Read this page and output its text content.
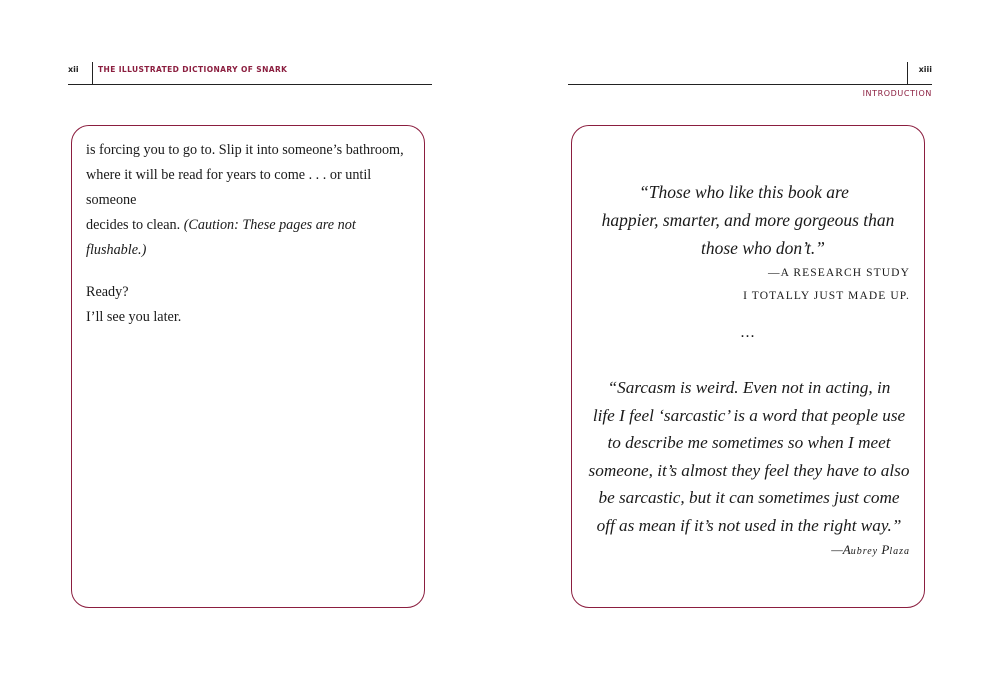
xii	THE ILLUSTRATED DICTIONARY OF SNARK	xiii
INTRODUCTION

is forcing you to go to. Slip it into someone’s bathroom,

where it will be read for years to come . . . or until someone

decides to clean. (Caution: These pages are not flushable.)

Ready?

I’ll see you later.

“Those who like this book are
happier, smarter, and more gorgeous than
those who don’t.”

—A RESEARCH STUDY
I TOTALLY JUST MADE UP.
...

“Sarcasm is weird. Even not in acting, in
life I feel ‘sarcastic’ is a word that people use
to describe me sometimes so when I meet
someone, it’s almost they feel they have to also
be sarcastic, but it can sometimes just come
off as mean if it’s not used in the right way.”

—Aubrey Plaza
